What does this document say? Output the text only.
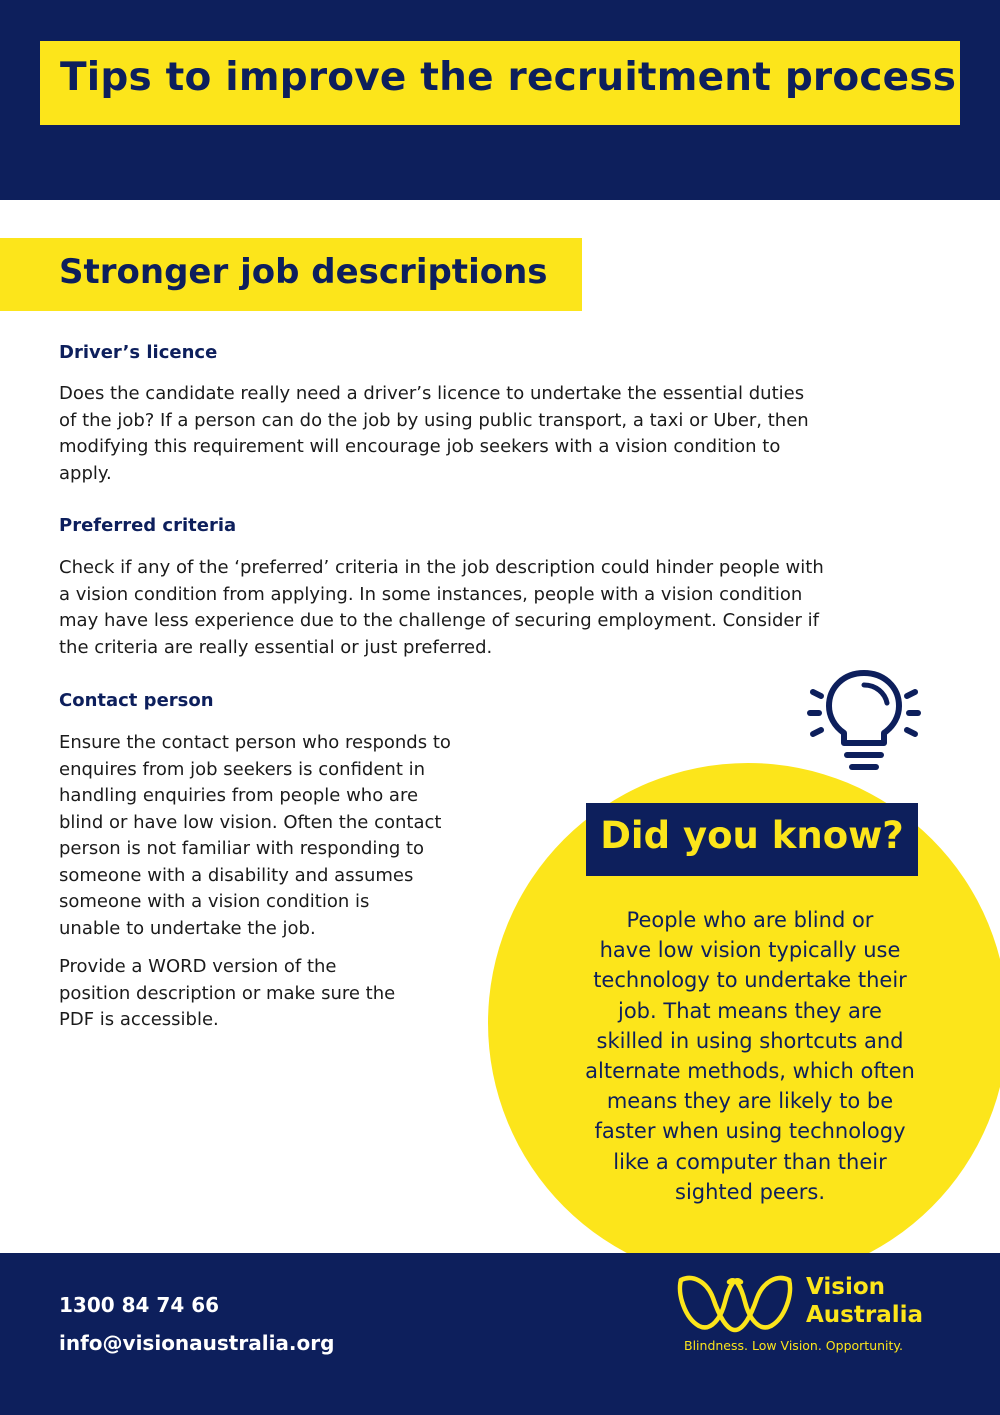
Tips to improve the recruitment process
Stronger job descriptions
Driver’s licence
Does the candidate really need a driver’s licence to undertake the essential duties
of the job? If a person can do the job by using public transport, a taxi or Uber, then
modifying this requirement will encourage job seekers with a vision condition to
apply.
Preferred criteria
Check if any of the ‘preferred’ criteria in the job description could hinder people with
a vision condition from applying. In some instances, people with a vision condition
may have less experience due to the challenge of securing employment. Consider if
the criteria are really essential or just preferred.
Contact person
Ensure the contact person who responds to
enquires from job seekers is confident in
handling enquiries from people who are
blind or have low vision. Often the contact
person is not familiar with responding to
someone with a disability and assumes
someone with a vision condition is
unable to undertake the job.
Provide a WORD version of the
position description or make sure the
PDF is accessible.
Did you know?
People who are blind or
have low vision typically use
technology to undertake their
job. That means they are
skilled in using shortcuts and
alternate methods, which often
means they are likely to be
faster when using technology
like a computer than their
sighted peers.
1300 84 74 66
info@visionaustralia.org
Vision
Australia
Blindness. Low Vision. Opportunity.
